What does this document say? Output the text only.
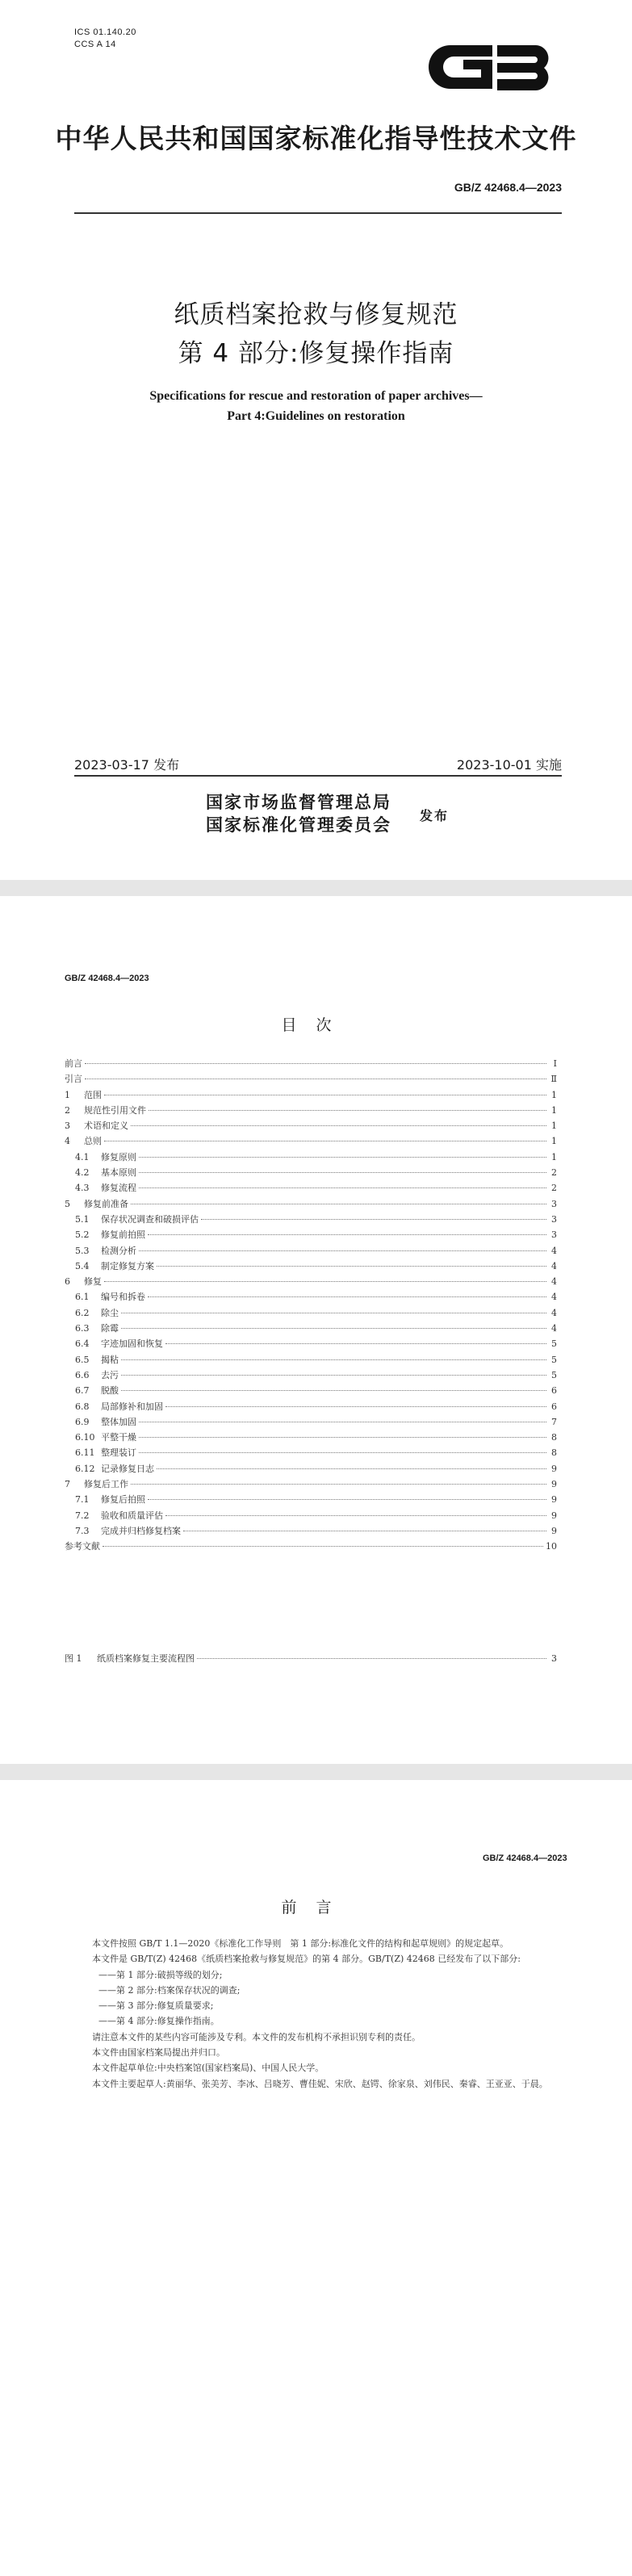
ICS 01.140.20
CCS A 14
中华人民共和国国家标准化指导性技术文件
GB/Z 42468.4—2023
纸质档案抢救与修复规范
第 4 部分:修复操作指南
Specifications for rescue and restoration of paper archives—
Part 4:Guidelines on restoration
2023-03-17 发布	2023-10-01 实施
国家市场监督管理总局
国家标准化管理委员会	发布
GB/Z 42468.4—2023
目次
前言	Ⅰ
引言	Ⅱ
1	范围	1
2	规范性引用文件	1
3	术语和定义	1
4	总则	1
4.1	修复原则	1
4.2	基本原则	2
4.3	修复流程	2
5	修复前准备	3
5.1	保存状况调查和破损评估	3
5.2	修复前拍照	3
5.3	检测分析	4
5.4	制定修复方案	4
6	修复	4
6.1	编号和拆卷	4
6.2	除尘	4
6.3	除霉	4
6.4	字迹加固和恢复	5
6.5	揭粘	5
6.6	去污	5
6.7	脱酸	6
6.8	局部修补和加固	6
6.9	整体加固	7
6.10 平整干燥	8
6.11 整理装订	8
6.12 记录修复日志	9
7	修复后工作	9
7.1	修复后拍照	9
7.2	验收和质量评估	9
7.3	完成并归档修复档案	9
参考文献	10
图 1	纸质档案修复主要流程图	3
GB/Z 42468.4—2023
前言

本文件按照 GB/T 1.1—2020《标准化工作导则　第 1 部分:标准化文件的结构和起草规则》的规定起草。

本文件是 GB/T(Z) 42468《纸质档案抢救与修复规范》的第 4 部分。GB/T(Z) 42468 已经发布了以下部分:

——第 1 部分:破损等级的划分;

——第 2 部分:档案保存状况的调查;

——第 3 部分:修复质量要求;

——第 4 部分:修复操作指南。

请注意本文件的某些内容可能涉及专利。本文件的发布机构不承担识别专利的责任。

本文件由国家档案局提出并归口。

本文件起草单位:中央档案馆(国家档案局)、中国人民大学。

本文件主要起草人:黄丽华、张美芳、李冰、吕晓芳、曹佳妮、宋欣、赵锷、徐家泉、刘伟民、秦睿、王亚亚、于晨。
